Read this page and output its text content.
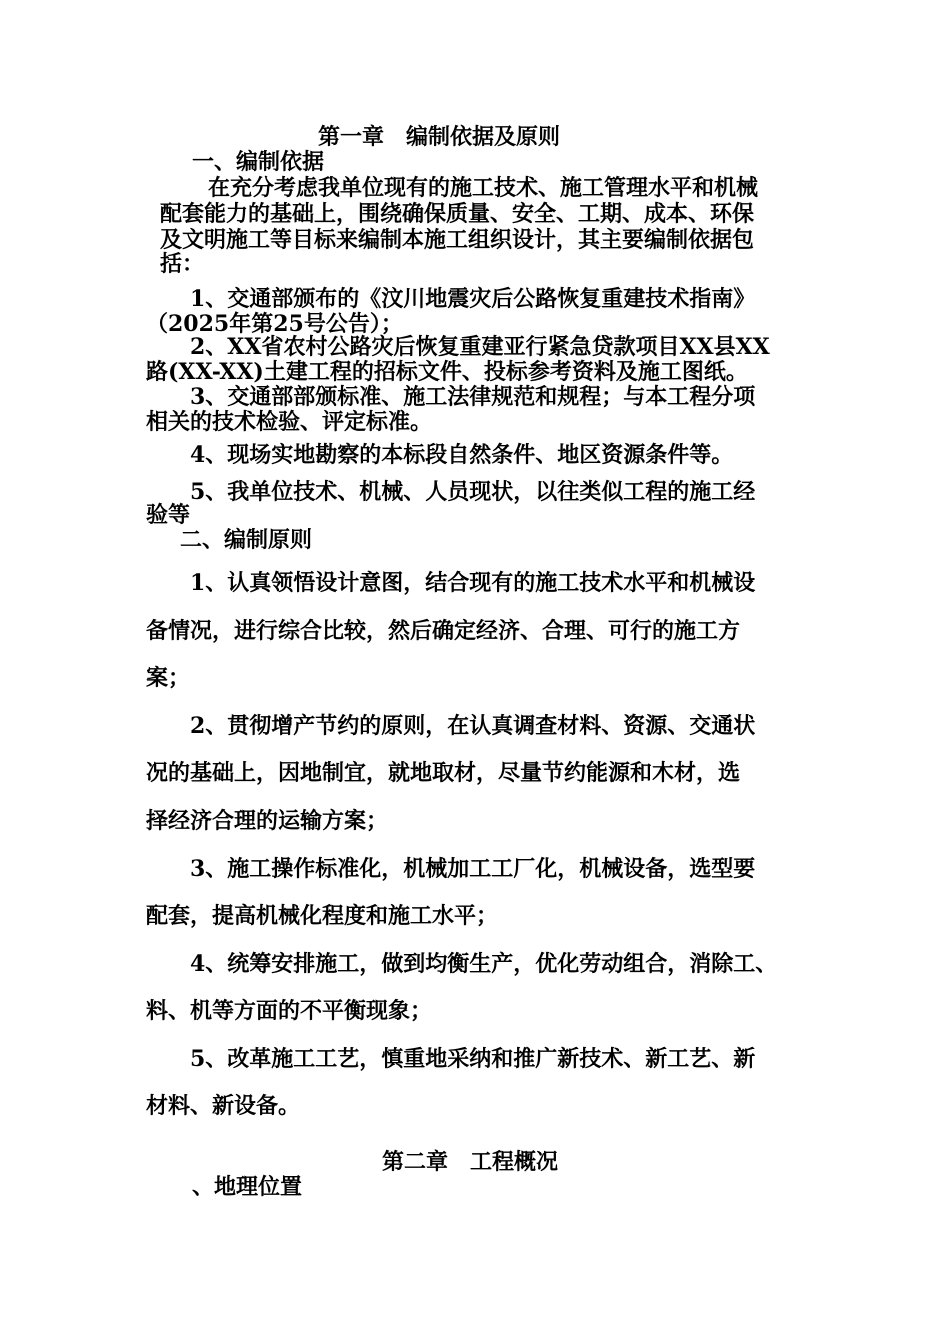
第一章　编制依据及原则

一、编制依据

在充分考虑我单位现有的施工技术、施工管理水平和机械

配套能力的基础上，围绕确保质量、安全、工期、成本、环保

及文明施工等目标来编制本施工组织设计，其主要编制依据包

括：

1、交通部颁布的《汶川地震灾后公路恢复重建技术指南》

（2025年第25号公告）；

2、XX省农村公路灾后恢复重建亚行紧急贷款项目XX县XX

路(XX-XX)土建工程的招标文件、投标参考资料及施工图纸。

3、交通部部颁标准、施工法律规范和规程；与本工程分项

相关的技术检验、评定标准。

4、现场实地勘察的本标段自然条件、地区资源条件等。

5、我单位技术、机械、人员现状，以往类似工程的施工经

验等

二、编制原则

1、认真领悟设计意图，结合现有的施工技术水平和机械设

备情况，进行综合比较，然后确定经济、合理、可行的施工方

案；

2、贯彻增产节约的原则，在认真调查材料、资源、交通状

况的基础上，因地制宜，就地取材，尽量节约能源和木材，选

择经济合理的运输方案；

3、施工操作标准化，机械加工工厂化，机械设备，选型要

配套，提高机械化程度和施工水平；

4、统筹安排施工，做到均衡生产，优化劳动组合，消除工、

料、机等方面的不平衡现象；

5、改革施工工艺，慎重地采纳和推广新技术、新工艺、新

材料、新设备。

第二章　工程概况

、地理位置
